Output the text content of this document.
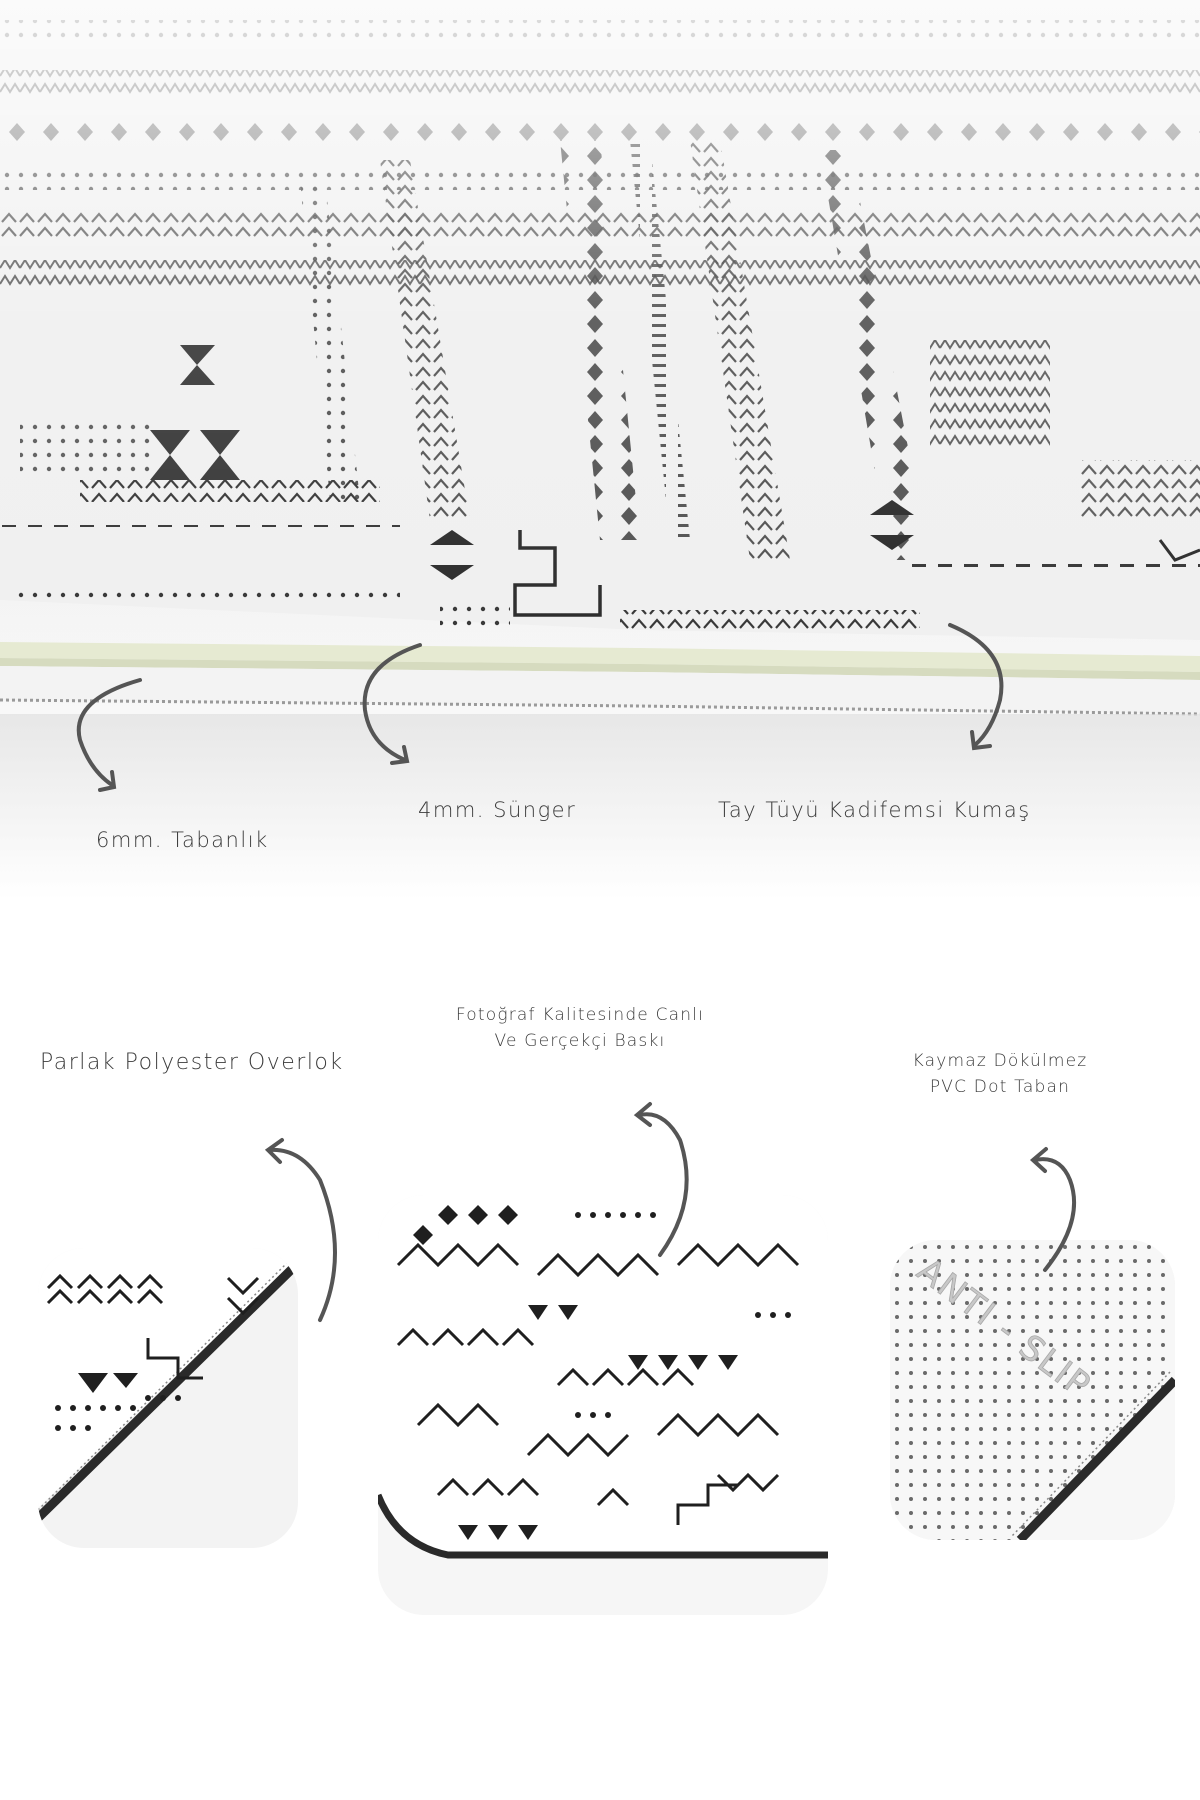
6mm. Tabanlık
4mm. Sünger	Tay Tüyü Kadifemsi Kumaş
Parlak Polyester Overlok
Fotoğraf Kalitesinde Canlı
Ve Gerçekçi Baskı
Kaymaz Dökülmez
PVC Dot Taban
ANTI - SLIP
